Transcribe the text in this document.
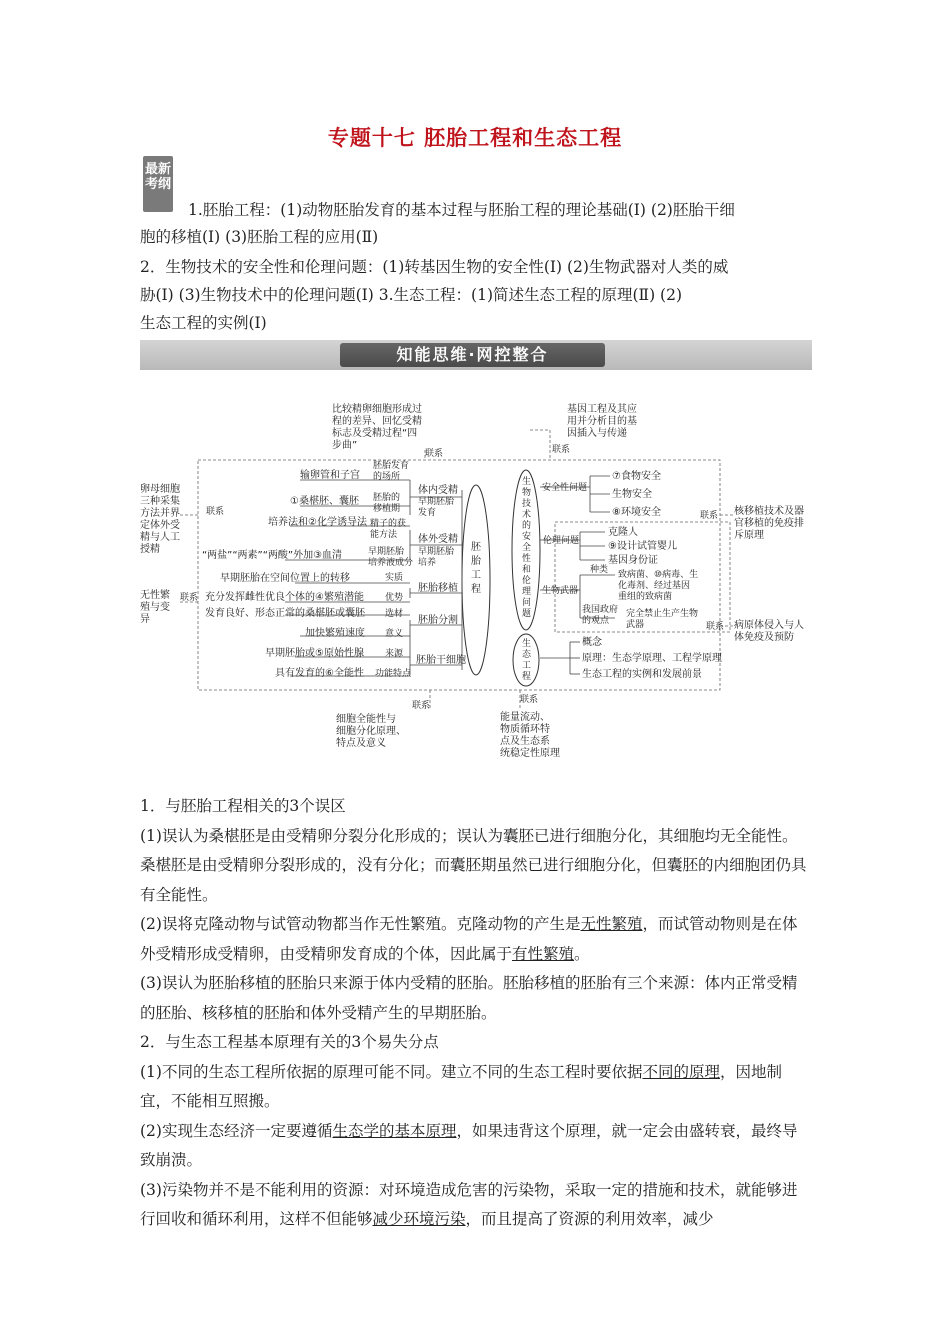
专题十七 胚胎工程和生态工程
最新
考纲
1.胚胎工程：(1)动物胚胎发育的基本过程与胚胎工程的理论基础(Ⅰ) (2)胚胎干细
胞的移植(Ⅰ) (3)胚胎工程的应用(Ⅱ)
2．生物技术的安全性和伦理问题：(1)转基因生物的安全性(Ⅰ) (2)生物武器对人类的威
胁(Ⅰ) (3)生物技术中的伦理问题(Ⅰ) 3.生态工程：(1)简述生态工程的原理(Ⅱ) (2)
生态工程的实例(Ⅰ)
知能思维·网控整合
比较精卵细胞形成过
程的差异、回忆受精
标志及受精过程“四
步曲”
联系
基因工程及其应
用并分析目的基
因插入与传递
联系
卵母细胞
三种采集
方法并界
定体外受
精与人工
授精
联系
无性繁
殖与变
异
联系
核移植技术及器
官移植的免疫排
斥原理
联系
病原体侵入与人
体免疫及预防
联系
细胞全能性与
细胞分化原理、
特点及意义
联系
能量流动、
物质循环特
点及生态系
统稳定性原理
联系
胚
胎
工
程
生
物
技
术
的
安
全
性
和
伦
理
问
题
生
态
工
程
输卵管和子宫
①桑椹胚、囊胚
培养法和②化学诱导法
“两盐”“两素”“两酸”外加③血清
早期胚胎在空间位置上的转移
充分发挥雌性优良个体的④繁殖潜能
发育良好、形态正常的桑椹胚或囊胚
加快繁殖速度
早期胚胎或⑤原始性腺
具有发育的⑥全能性
胚胎发育
的场所
胚胎的
移植期
精子的获
能方法
早期胚胎
培养液成分
实质
优势
选材
意义
来源
功能特点
体内受精
早期胚胎
发育
体外受精
早期胚胎
培养
胚胎移植
胚胎分割
胚胎干细胞
安全性问题
⑦食物安全
生物安全
⑧环境安全
伦理问题
克隆人
⑨设计试管婴儿
基因身份证
生物武器
种类 致病菌、⑩病毒、生
化毒剂、经过基因
重组的致病菌
我国政府
的观点
完全禁止生产生物
武器
概念
原理：生态学原理、工程学原理
生态工程的实例和发展前景

1．与胚胎工程相关的3个误区

(1)误认为桑椹胚是由受精卵分裂分化形成的；误认为囊胚已进行细胞分化，其细胞均无全能性。桑椹胚是由受精卵分裂形成的，没有分化；而囊胚期虽然已进行细胞分化，但囊胚的内细胞团仍具有全能性。

(2)误将克隆动物与试管动物都当作无性繁殖。克隆动物的产生是无性繁殖，而试管动物则是在体外受精形成受精卵，由受精卵发育成的个体，因此属于有性繁殖。

(3)误认为胚胎移植的胚胎只来源于体内受精的胚胎。胚胎移植的胚胎有三个来源：体内正常受精的胚胎、核移植的胚胎和体外受精产生的早期胚胎。

2．与生态工程基本原理有关的3个易失分点

(1)不同的生态工程所依据的原理可能不同。建立不同的生态工程时要依据不同的原理，因地制宜，不能相互照搬。

(2)实现生态经济一定要遵循生态学的基本原理，如果违背这个原理，就一定会由盛转衰，最终导致崩溃。

(3)污染物并不是不能利用的资源：对环境造成危害的污染物，采取一定的措施和技术，就能够进行回收和循环利用，这样不但能够减少环境污染，而且提高了资源的利用效率，减少
